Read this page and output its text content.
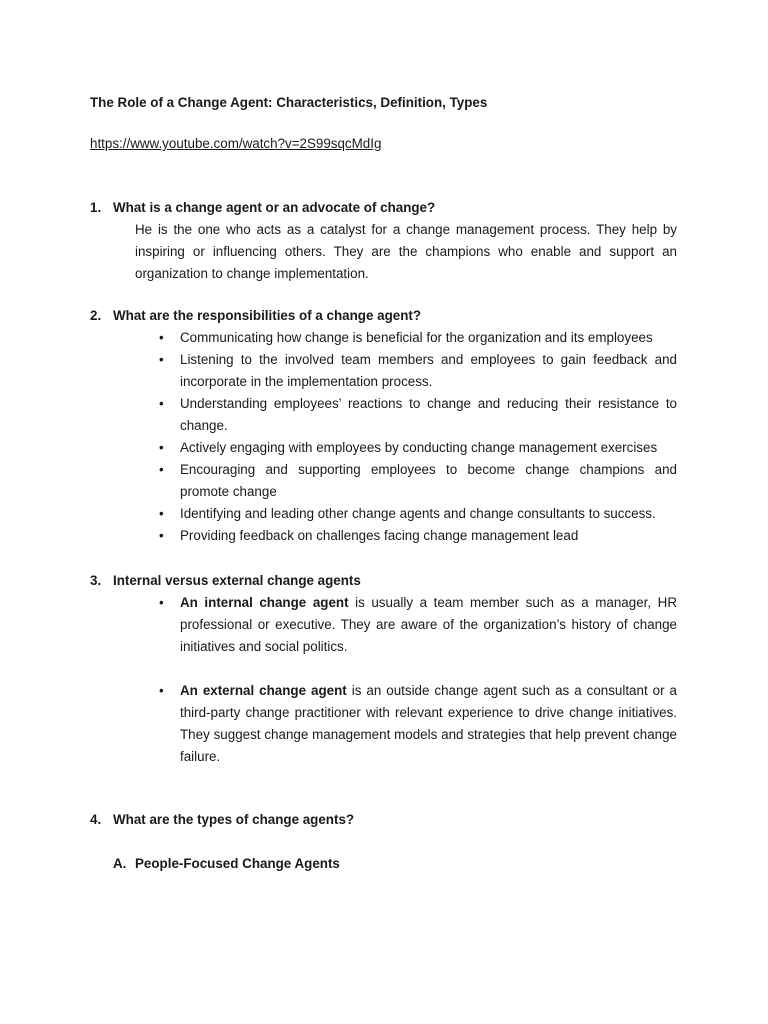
The Role of a Change Agent: Characteristics, Definition, Types
https://www.youtube.com/watch?v=2S99sqcMdIg
1. What is a change agent or an advocate of change?
He is the one who acts as a catalyst for a change management process. They help by inspiring or influencing others. They are the champions who enable and support an organization to change implementation.
2. What are the responsibilities of a change agent?
•	Communicating how change is beneficial for the organization and its employees
•	Listening to the involved team members and employees to gain feedback and incorporate in the implementation process.
•	Understanding employees’ reactions to change and reducing their resistance to change.
•	Actively engaging with employees by conducting change management exercises
•	Encouraging and supporting employees to become change champions and promote change
•	Identifying and leading other change agents and change consultants to success.
•	Providing feedback on challenges facing change management lead
3. Internal versus external change agents
•	An internal change agent is usually a team member such as a manager, HR professional or executive. They are aware of the organization’s history of change initiatives and social politics.
•	An external change agent is an outside change agent such as a consultant or a third-party change practitioner with relevant experience to drive change initiatives. They suggest change management models and strategies that help prevent change failure.
4. What are the types of change agents?
A. People-Focused Change Agents
